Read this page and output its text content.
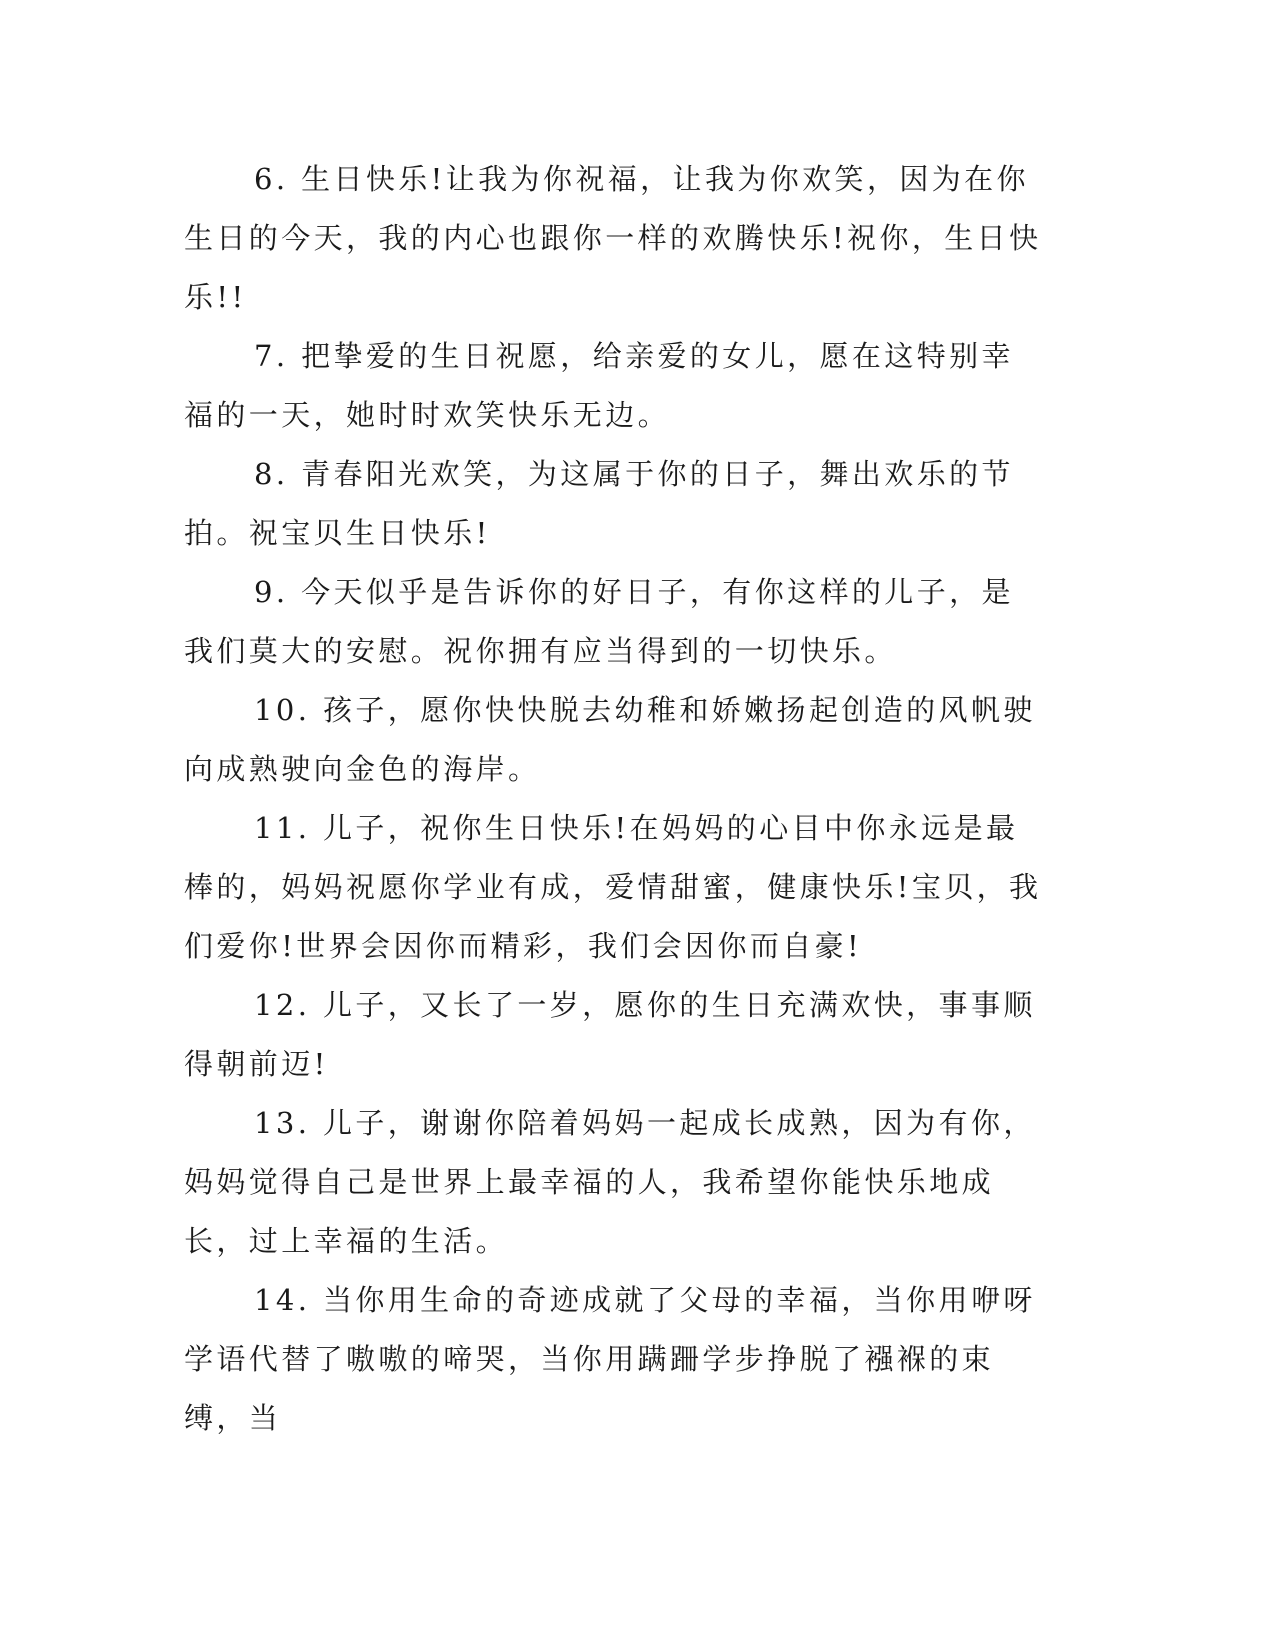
6. 生日快乐!让我为你祝福，让我为你欢笑，因为在你生日的今天，我的内心也跟你一样的欢腾快乐!祝你，生日快乐!!

7. 把挚爱的生日祝愿，给亲爱的女儿，愿在这特别幸福的一天，她时时欢笑快乐无边。

8. 青春阳光欢笑，为这属于你的日子，舞出欢乐的节拍。祝宝贝生日快乐!

9. 今天似乎是告诉你的好日子，有你这样的儿子，是我们莫大的安慰。祝你拥有应当得到的一切快乐。

10. 孩子，愿你快快脱去幼稚和娇嫩扬起创造的风帆驶向成熟驶向金色的海岸。

11. 儿子，祝你生日快乐!在妈妈的心目中你永远是最棒的，妈妈祝愿你学业有成，爱情甜蜜，健康快乐!宝贝，我们爱你!世界会因你而精彩，我们会因你而自豪!

12. 儿子，又长了一岁，愿你的生日充满欢快，事事顺得朝前迈!

13. 儿子，谢谢你陪着妈妈一起成长成熟，因为有你，妈妈觉得自己是世界上最幸福的人，我希望你能快乐地成长，过上幸福的生活。

14. 当你用生命的奇迹成就了父母的幸福，当你用咿呀学语代替了嗷嗷的啼哭，当你用蹒跚学步挣脱了襁褓的束缚，当
